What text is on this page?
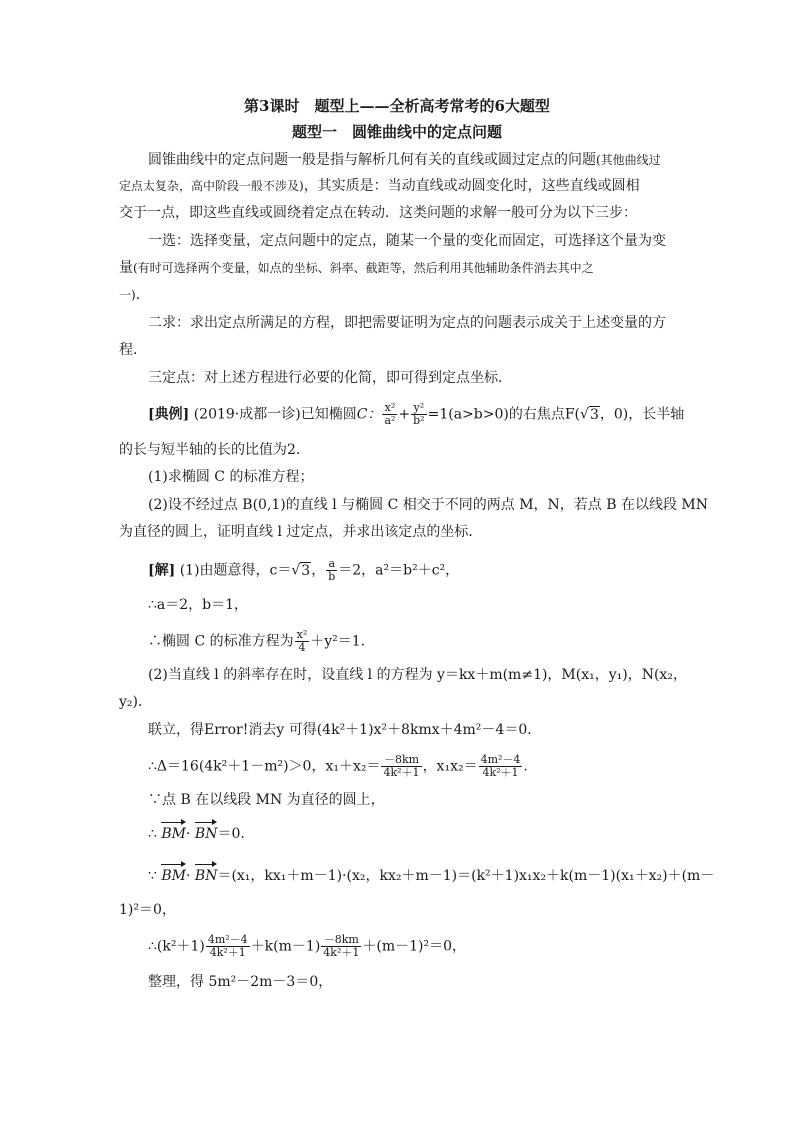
第3课时　题型上——全析高考常考的6大题型
题型一　圆锥曲线中的定点问题
圆锥曲线中的定点问题一般是指与解析几何有关的直线或圆过定点的问题(其他曲线过
定点太复杂，高中阶段一般不涉及)，其实质是：当动直线或动圆变化时，这些直线或圆相
交于一点，即这些直线或圆绕着定点在转动．这类问题的求解一般可分为以下三步：
一选：选择变量，定点问题中的定点，随某一个量的变化而固定，可选择这个量为变
量(有时可选择两个变量，如点的坐标、斜率、截距等，然后利用其他辅助条件消去其中之
一)．
二求：求出定点所满足的方程，即把需要证明为定点的问题表示成关于上述变量的方
程．
三定点：对上述方程进行必要的化简，即可得到定点坐标．
[典例] (2019·成都一诊)已知椭圆C： $\frac{\text{x²}}{\text{a²}} + \frac{\text{y²}}{\text{b²}} =1(a>b>0)$的右焦点F(√3，0)，长半轴
的长与短半轴的长的比值为2.
(1)求椭圆 C 的标准方程；
(2)设不经过点 B(0,1)的直线 l 与椭圆 C 相交于不同的两点 M，N，若点 B 在以线段 MN
为直径的圆上，证明直线 l 过定点，并求出该定点的坐标．
[解] (1)由题意得，c＝√3， $\frac{a}{b} =2$，a²＝b²＋c²，
∴a＝2，b＝1，
∴椭圆 C 的标准方程为 $\frac{\text{x²}}{4} +y^2=1$.
(2)当直线 l 的斜率存在时，设直线 l 的方程为 y＝kx＋m(m≠1)，M(x₁，y₁)，N(x₂，
y₂)．
联立，得Error!消去y 可得(4k²＋1)x²＋8kmx＋4m²－4＝0.
∴Δ＝16(4k²＋1－m²)＞0，$x_1+x_2= \frac{-8km}{\text{4k²＋1}}$ ，$x_1x_2= \frac{\text{4m²－4}}{\text{4k²＋1}}$ .
∵点 B 在以线段 MN 为直径的圆上，
∴ BM· BN＝0.
∵ BM· BN＝(x₁，kx₁＋m－1)·(x₂，kx₂＋m－1)＝(k²＋1)x₁x₂＋k(m－1)(x₁＋x₂)＋(m－
1)²＝0，
∴(k²＋1) $\frac{\text{4m²－4}}{\text{4k²＋1}} +k(m-1) \frac{-8km}{\text{4k²＋1}} +(m-1)^2=0$，
整理，得 5m²－2m－3＝0，
